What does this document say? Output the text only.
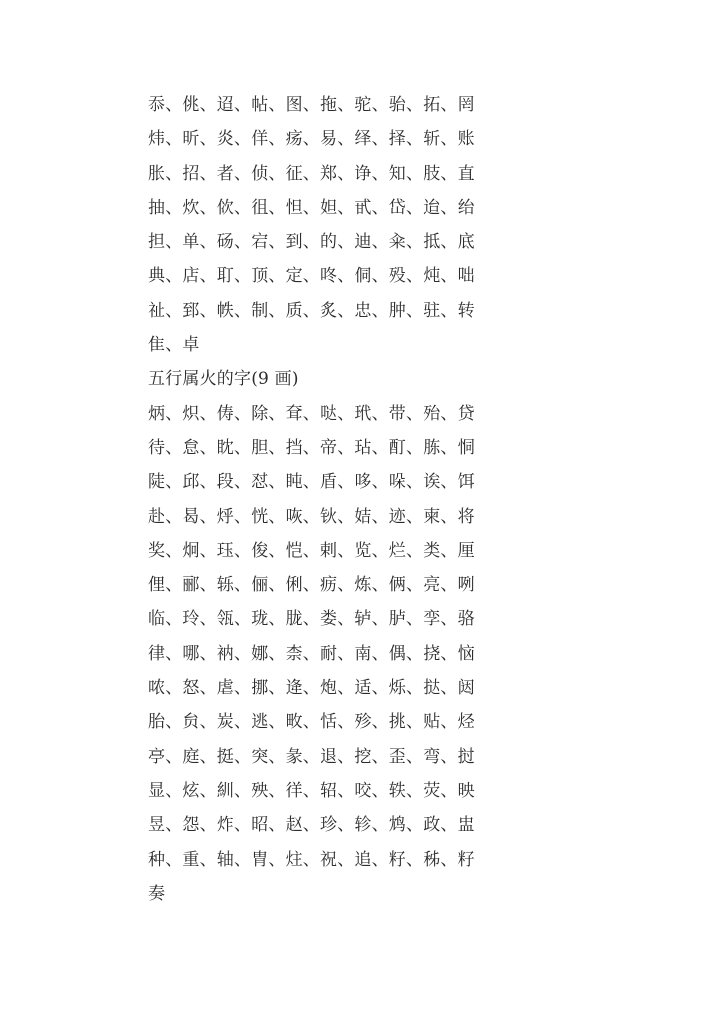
忝、佻、迢、帖、图、拖、驼、骀、拓、罔
炜、昕、炎、佯、疡、易、绎、择、斩、账
胀、招、者、侦、征、郑、诤、知、肢、直
抽、炊、佽、徂、怛、妲、甙、岱、迨、绐
担、单、砀、宕、到、的、迪、籴、抵、底
典、店、耵、顶、定、咚、侗、殁、炖、咄
祉、郅、帙、制、质、炙、忠、肿、驻、转
隹、卓
五行属火的字(9 画)
炳、炽、俦、除、耷、哒、玳、带、殆、贷
待、怠、眈、胆、挡、帝、玷、酊、胨、恫
陡、邱、段、怼、盹、盾、哆、哚、诶、饵
赴、曷、烀、恍、咴、钬、姞、迹、柬、将
奖、炯、珏、俊、恺、剌、览、烂、类、厘
俚、郦、轹、俪、俐、疬、炼、俩、亮、咧
临、玲、瓴、珑、胧、娄、轳、胪、孪、骆
律、哪、衲、娜、柰、耐、南、偶、挠、恼
哝、怒、虐、挪、逄、炮、适、烁、挞、闼
胎、贠、炭、逃、畋、恬、殄、挑、贴、烃
亭、庭、挺、突、彖、退、挖、歪、弯、挝
显、炫、紃、殃、徉、轺、咬、轶、荧、映
昱、怨、炸、昭、赵、珍、轸、鸩、政、盅
种、重、轴、胄、炷、祝、追、籽、秭、籽
奏
